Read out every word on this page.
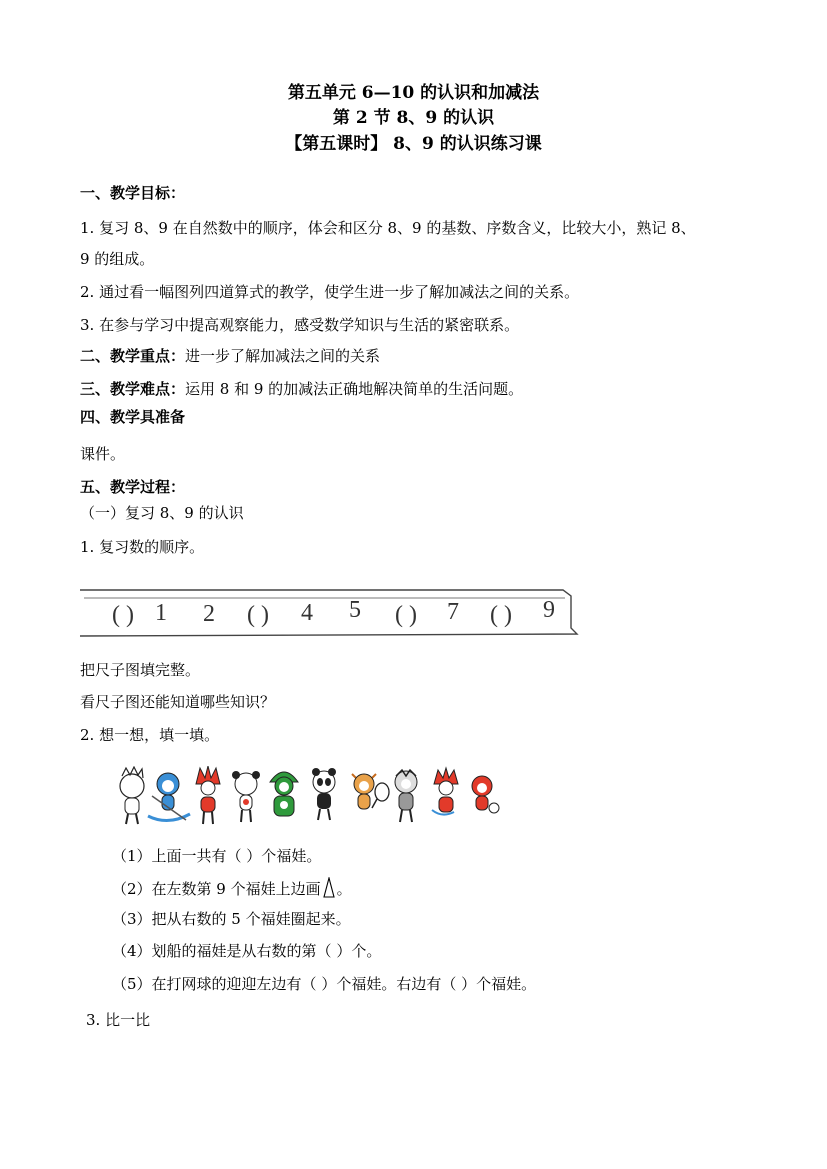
第五单元 6—10 的认识和加减法
第 2 节 8、9 的认识
【第五课时】 8、9 的认识练习课
一、教学目标：
1. 复习 8、9 在自然数中的顺序，体会和区分 8、9 的基数、序数含义，比较大小，熟记 8、
9 的组成。
2. 通过看一幅图列四道算式的教学，使学生进一步了解加减法之间的关系。
3. 在参与学习中提高观察能力，感受数学知识与生活的紧密联系。
二、教学重点：进一步了解加减法之间的关系
三、教学难点：运用 8 和 9 的加减法正确地解决简单的生活问题。
四、教学具准备
课件。
五、教学过程：
（一）复习 8、9 的认识
1. 复习数的顺序。
( ) 1 2 ( ) 4 5 ( ) 7 ( ) 9
把尺子图填完整。
看尺子图还能知道哪些知识？
2. 想一想，填一填。
（1）上面一共有（ ）个福娃。
（2）在左数第 9 个福娃上边画 。
（3）把从右数的 5 个福娃圈起来。
（4）划船的福娃是从右数的第（ ）个。
（5）在打网球的迎迎左边有（ ）个福娃。右边有（ ）个福娃。
3. 比一比
